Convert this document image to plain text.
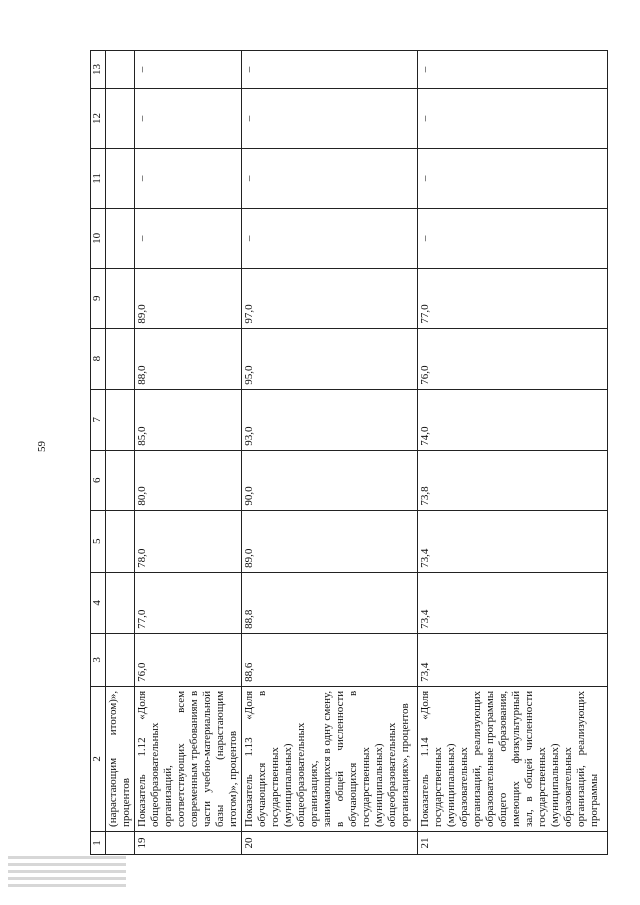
59
1	2	3	4	5	6	7	8	9	10	11	12	13
	(нарастающим итогом)», процентов											
19	Показатель 1.12 «Доля общеобразовательных организаций, соответствующих всем современным требованиям в части учебно-материальной базы (нарастающим итогом)», процентов	76,0	77,0	78,0	80,0	85,0	88,0	89,0	–	–	–	–
20	Показатель 1.13 «Доля обучающихся в государственных (муниципальных) общеобразовательных организациях, занимающихся в одну смену, в общей численности обучающихся в государственных (муниципальных) общеобразовательных организациях», процентов	88,6	88,8	89,0	90,0	93,0	95,0	97,0	–	–	–	–
21	Показатель 1.14 «Доля государственных (муниципальных) образовательных организаций, реализующих образовательные программы общего образования, имеющих физкультурный зал, в общей численности государственных (муниципальных) образовательных организаций, реализующих программы	73,4	73,4	73,4	73,8	74,0	76,0	77,0	–	–	–	–
